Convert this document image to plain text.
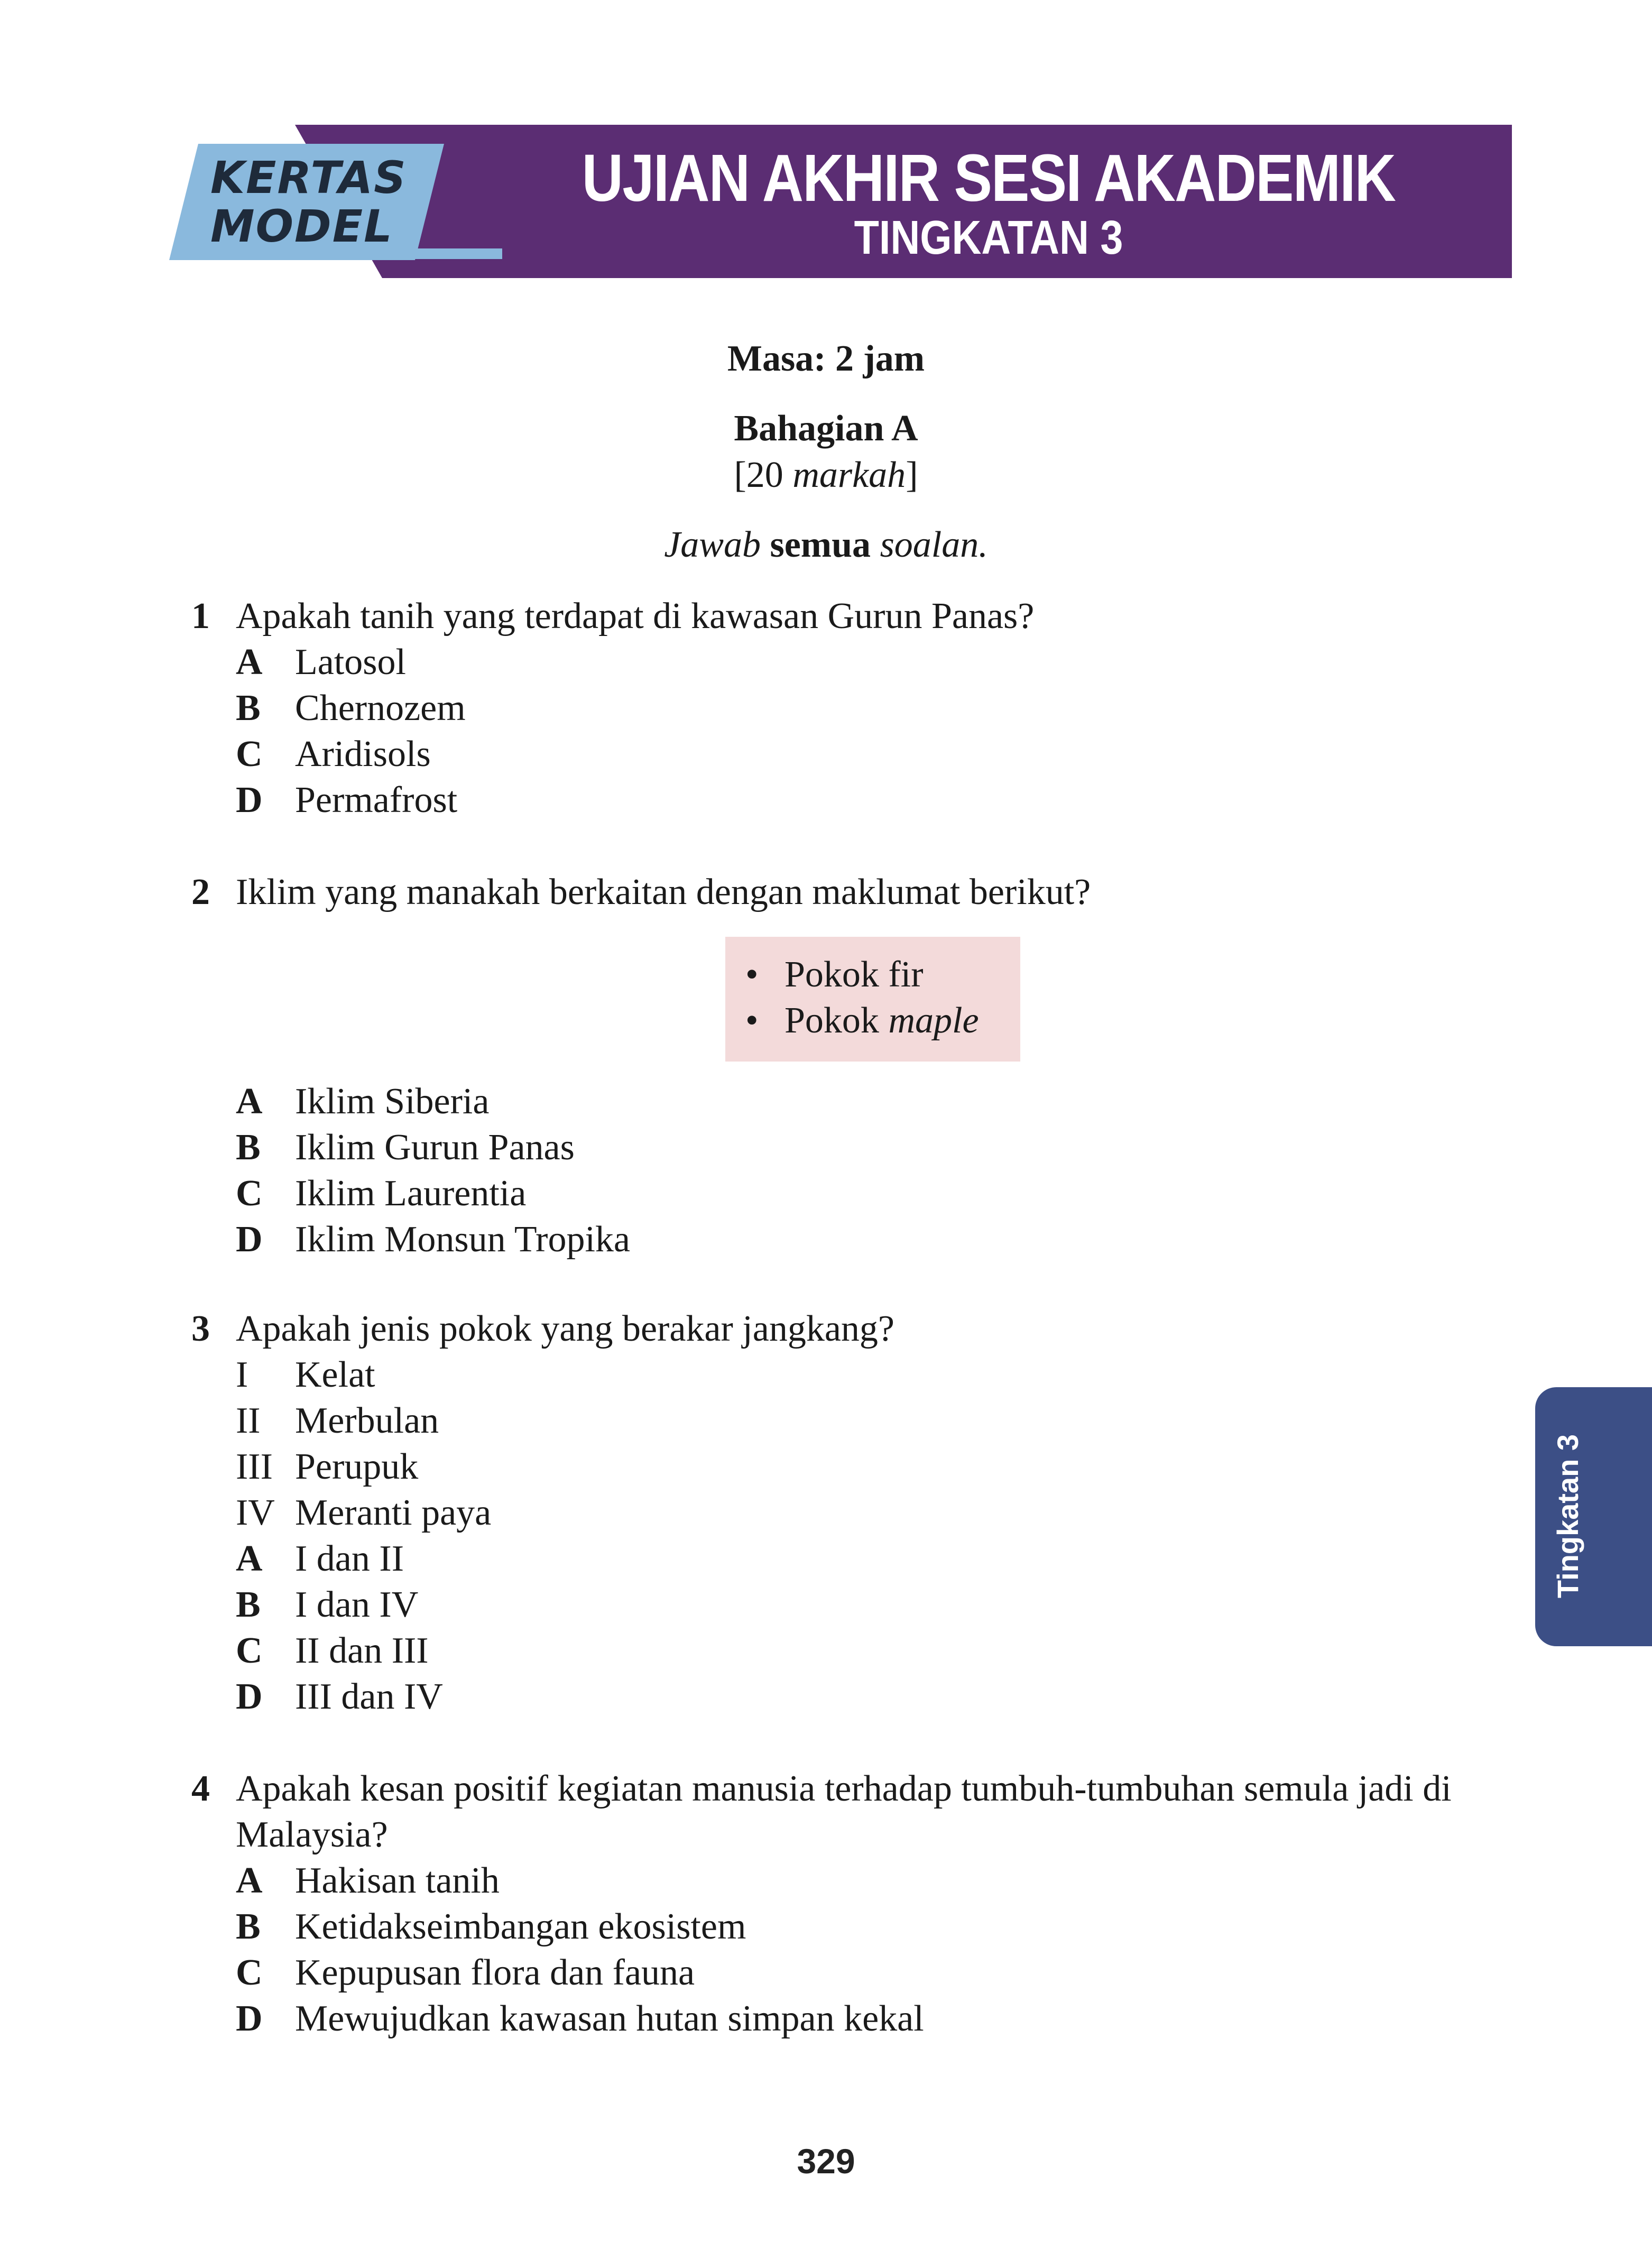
KERTAS
MODEL
UJIAN AKHIR SESI AKADEMIK
TINGKATAN 3
Masa: 2 jam
Bahagian A
[20 markah]
Jawab semua soalan.
1 Apakah tanih yang terdapat di kawasan Gurun Panas?
A Latosol
B Chernozem
C Aridisols
D Permafrost
2 Iklim yang manakah berkaitan dengan maklumat berikut?
• Pokok fir
• Pokok maple
A Iklim Siberia
B Iklim Gurun Panas
C Iklim Laurentia
D Iklim Monsun Tropika
3 Apakah jenis pokok yang berakar jangkang?
I	Kelat
II Merbulan
III Perupuk
IV Meranti paya
A I dan II
B I dan IV
C II dan III
D III dan IV
4 Apakah kesan positif kegiatan manusia terhadap tumbuh-tumbuhan semula jadi di Malaysia?
A Hakisan tanih
B Ketidakseimbangan ekosistem
C Kepupusan flora dan fauna
D Mewujudkan kawasan hutan simpan kekal
Tingkatan 3
329
